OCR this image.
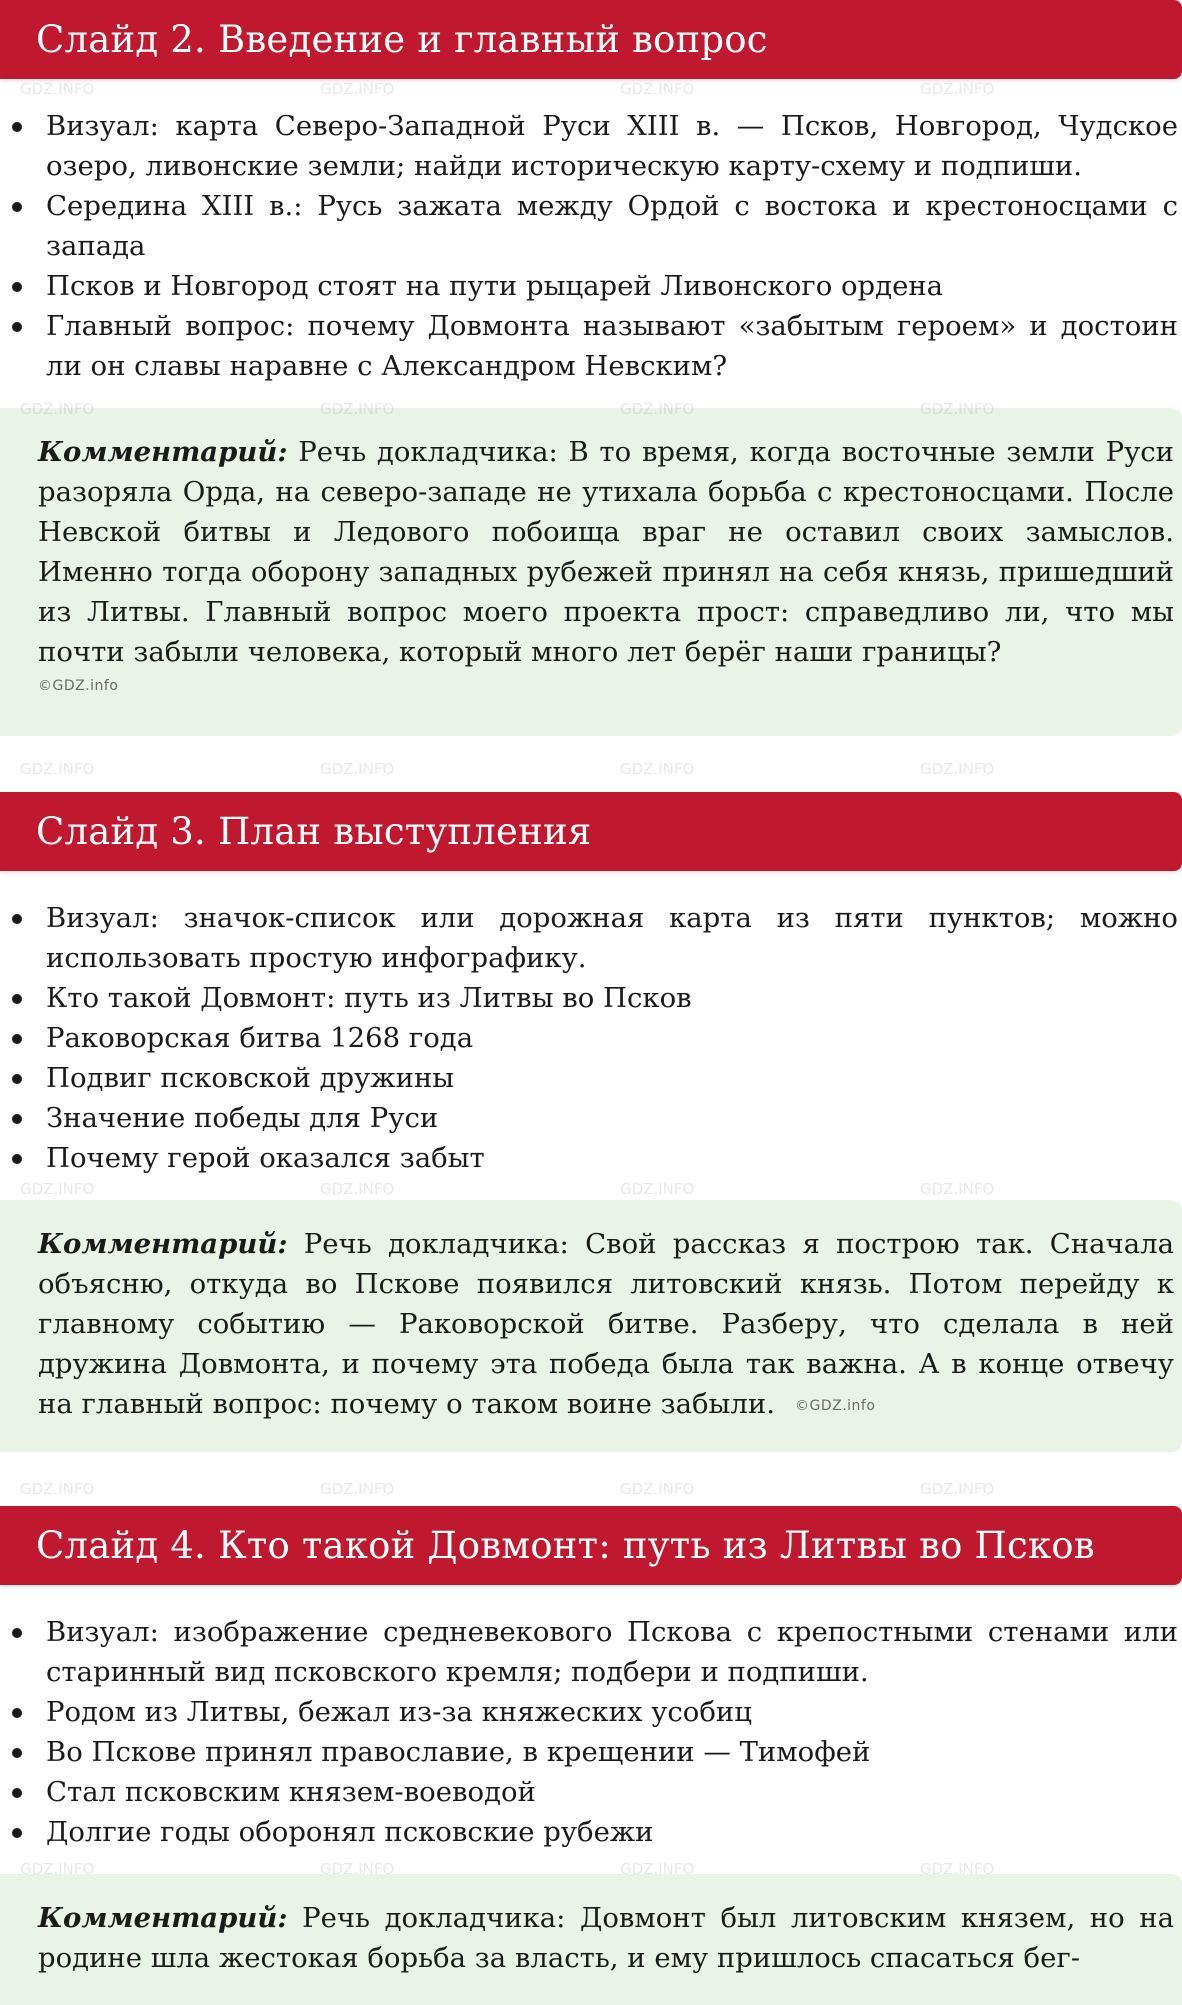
Слайд 2. Введение и главный вопрос
Визуал: карта Северо-Западной Руси XIII в. — Псков, Новгород, Чудское озеро, ливонские земли; найди историческую карту-схему и подпиши.
Середина XIII в.: Русь зажата между Ордой с востока и крестоносцами с запада
Псков и Новгород стоят на пути рыцарей Ливонского ордена
Главный вопрос: почему Довмонта называют «забытым героем» и достоин ли он славы наравне с Александром Невским?

Комментарий: Речь докладчика: В то время, когда восточные земли Руси разоряла Орда, на северо-западе не утихала борьба с крестоносцами. После Невской битвы и Ледового побоища враг не оставил своих замыслов. Именно тогда оборону западных рубежей принял на себя князь, пришедший из Литвы. Главный вопрос моего проекта прост: справедливо ли, что мы почти забыли человека, который много лет берёг наши границы?

©GDZ.info
Слайд 3. План выступления
Визуал: значок-список или дорожная карта из пяти пунктов; можно использовать простую инфографику.
Кто такой Довмонт: путь из Литвы во Псков
Раковорская битва 1268 года
Подвиг псковской дружины
Значение победы для Руси
Почему герой оказался забыт

Комментарий: Речь докладчика: Свой рассказ я построю так. Сначала объясню, откуда во Пскове появился литовский князь. Потом перейду к главному событию — Раковорской битве. Разберу, что сделала в ней дружина Довмонта, и почему эта победа была так важна. А в конце отвечу на главный вопрос: почему о таком воине забыли. ©GDZ.info

Слайд 4. Кто такой Довмонт: путь из Литвы во Псков
Визуал: изображение средневекового Пскова с крепостными стенами или старинный вид псковского кремля; подбери и подпиши.
Родом из Литвы, бежал из-за княжеских усобиц
Во Пскове принял православие, в крещении — Тимофей
Стал псковским князем-воеводой
Долгие годы оборонял псковские рубежи

Комментарий: Речь докладчика: Довмонт был литовским князем, но на родине шла жестокая борьба за власть, и ему пришлось спасаться бег-

GDZ.INFO	GDZ.INFO	GDZ.INFO	GDZ.INFO
GDZ.INFO	GDZ.INFO	GDZ.INFO	GDZ.INFO
GDZ.INFO	GDZ.INFO	GDZ.INFO	GDZ.INFO
GDZ.INFO	GDZ.INFO	GDZ.INFO	GDZ.INFO
GDZ.INFO	GDZ.INFO	GDZ.INFO	GDZ.INFO
